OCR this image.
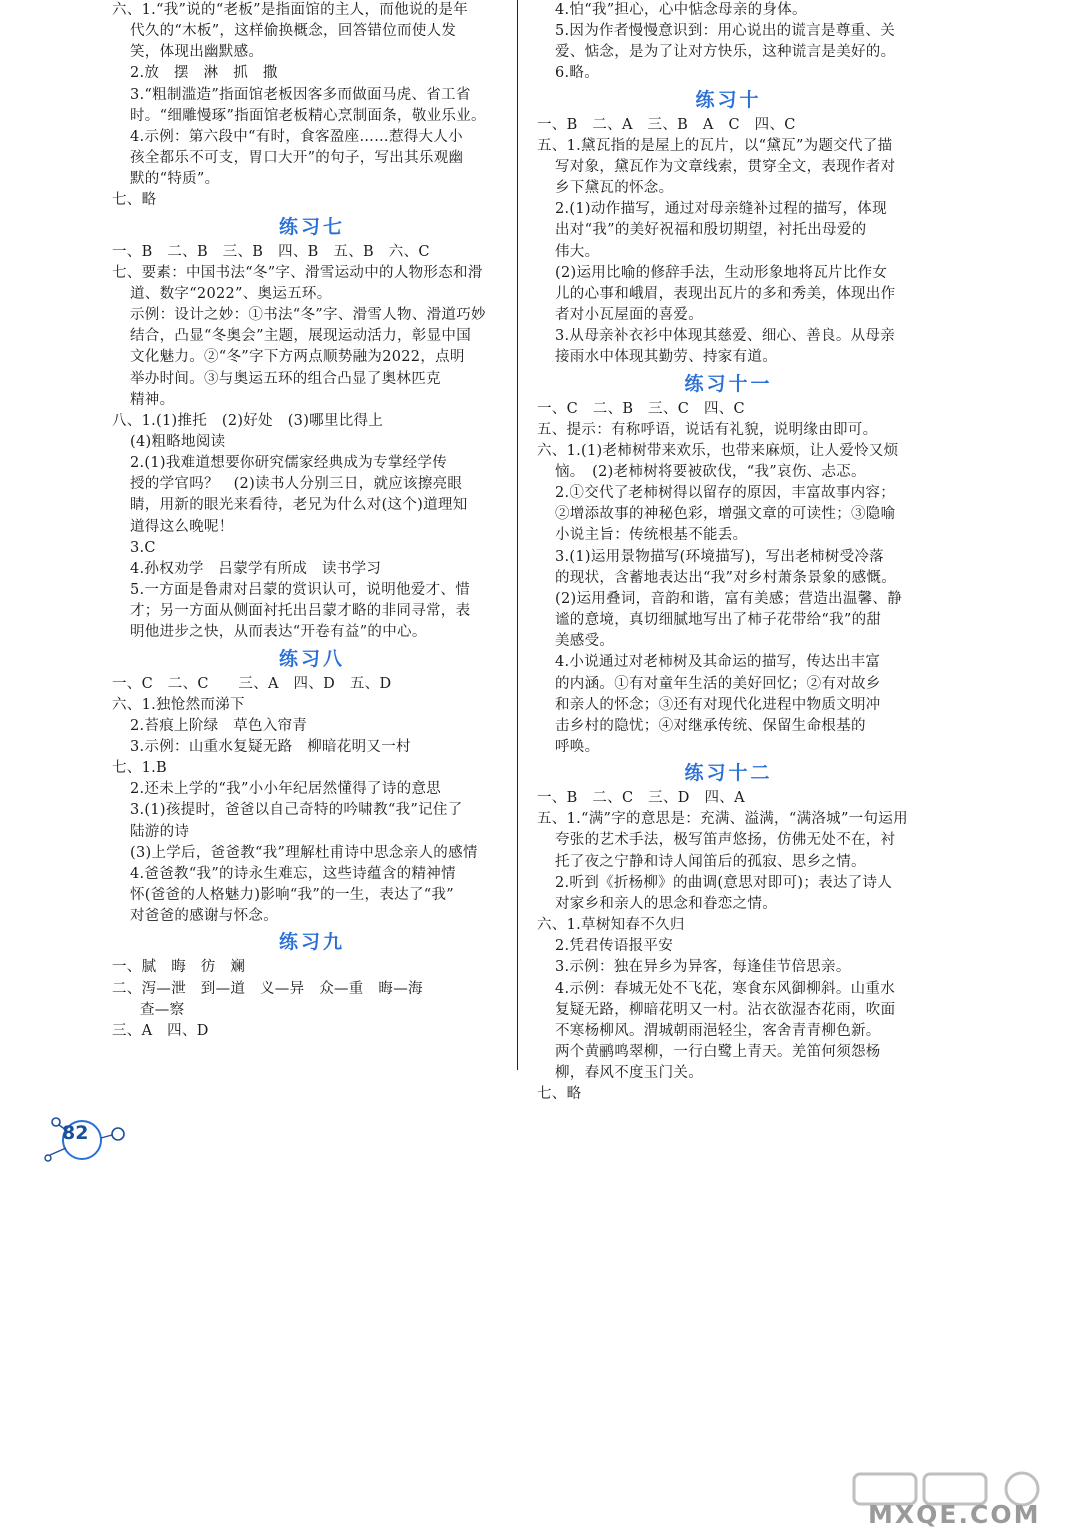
六、1.“我”说的“老板”是指面馆的主人，而他说的是年
代久的“木板”，这样偷换概念，回答错位而使人发
笑，体现出幽默感。
2.放　摆　淋　抓　撒
3.“粗制滥造”指面馆老板因客多而做面马虎、省工省
时。“细雕慢琢”指面馆老板精心烹制面条，敬业乐业。
4.示例：第六段中“有时，食客盈座……惹得大人小
孩全都乐不可支，胃口大开”的句子，写出其乐观幽
默的“特质”。
七、略
练习七
一、B　二、B　三、B　四、B　五、B　六、C
七、要素：中国书法“冬”字、滑雪运动中的人物形态和滑
道、数字“2022”、奥运五环。
示例：设计之妙：①书法“冬”字、滑雪人物、滑道巧妙
结合，凸显“冬奥会”主题，展现运动活力，彰显中国
文化魅力。②“冬”字下方两点顺势融为2022，点明
举办时间。③与奥运五环的组合凸显了奥林匹克
精神。
八、1.(1)推托　(2)好处　(3)哪里比得上
(4)粗略地阅读
2.(1)我难道想要你研究儒家经典成为专掌经学传
授的学官吗？　(2)读书人分别三日，就应该擦亮眼
睛，用新的眼光来看待，老兄为什么对(这个)道理知
道得这么晚呢！
3.C
4.孙权劝学　吕蒙学有所成　读书学习
5.一方面是鲁肃对吕蒙的赏识认可，说明他爱才、惜
才；另一方面从侧面衬托出吕蒙才略的非同寻常，表
明他进步之快，从而表达“开卷有益”的中心。
练习八
一、C　二、C　　三、A　四、D　五、D
六、1.独怆然而涕下
2.苔痕上阶绿　草色入帘青
3.示例：山重水复疑无路　柳暗花明又一村
七、1.B
2.还未上学的“我”小小年纪居然懂得了诗的意思
3.(1)孩提时，爸爸以自己奇特的吟啸教“我”记住了
陆游的诗
(3)上学后，爸爸教“我”理解杜甫诗中思念亲人的感情
4.爸爸教“我”的诗永生难忘，这些诗蕴含的精神情
怀(爸爸的人格魅力)影响“我”的一生，表达了“我”
对爸爸的感谢与怀念。
练习九
一、腻　晦　彷　斓
二、泻—泄　到—道　义—异　众—重　晦—海
查—察
三、A　四、D
4.怕“我”担心，心中惦念母亲的身体。
5.因为作者慢慢意识到：用心说出的谎言是尊重、关
爱、惦念，是为了让对方快乐，这种谎言是美好的。
6.略。
练习十
一、B　二、A　三、B　A　C　四、C
五、1.黛瓦指的是屋上的瓦片，以“黛瓦”为题交代了描
写对象，黛瓦作为文章线索，贯穿全文，表现作者对
乡下黛瓦的怀念。
2.(1)动作描写，通过对母亲缝补过程的描写，体现
出对“我”的美好祝福和殷切期望，衬托出母爱的
伟大。
(2)运用比喻的修辞手法，生动形象地将瓦片比作女
儿的心事和峨眉，表现出瓦片的多和秀美，体现出作
者对小瓦屋面的喜爱。
3.从母亲补衣衫中体现其慈爱、细心、善良。从母亲
接雨水中体现其勤劳、持家有道。
练习十一
一、C　二、B　三、C　四、C
五、提示：有称呼语，说话有礼貌，说明缘由即可。
六、1.(1)老柿树带来欢乐，也带来麻烦，让人爱怜又烦
恼。　(2)老柿树将要被砍伐，“我”哀伤、忐忑。
2.①交代了老柿树得以留存的原因，丰富故事内容；
②增添故事的神秘色彩，增强文章的可读性；③隐喻
小说主旨：传统根基不能丢。
3.(1)运用景物描写(环境描写)，写出老柿树受冷落
的现状，含蓄地表达出“我”对乡村萧条景象的感慨。
(2)运用叠词，音韵和谐，富有美感；营造出温馨、静
谧的意境，真切细腻地写出了柿子花带给“我”的甜
美感受。
4.小说通过对老柿树及其命运的描写，传达出丰富
的内涵。①有对童年生活的美好回忆；②有对故乡
和亲人的怀念；③还有对现代化进程中物质文明冲
击乡村的隐忧；④对继承传统、保留生命根基的
呼唤。
练习十二
一、B　二、C　三、D　四、A
五、1.“满”字的意思是：充满、溢满，“满洛城”一句运用
夸张的艺术手法，极写笛声悠扬，仿佛无处不在，衬
托了夜之宁静和诗人闻笛后的孤寂、思乡之情。
2.听到《折杨柳》的曲调(意思对即可)；表达了诗人
对家乡和亲人的思念和眷恋之情。
六、1.草树知春不久归
2.凭君传语报平安
3.示例：独在异乡为异客，每逢佳节倍思亲。
4.示例：春城无处不飞花，寒食东风御柳斜。山重水
复疑无路，柳暗花明又一村。沾衣欲湿杏花雨，吹面
不寒杨柳风。渭城朝雨浥轻尘，客舍青青柳色新。
两个黄鹂鸣翠柳，一行白鹭上青天。羌笛何须怨杨
柳，春风不度玉门关。
七、略
82
MXQE.COM
